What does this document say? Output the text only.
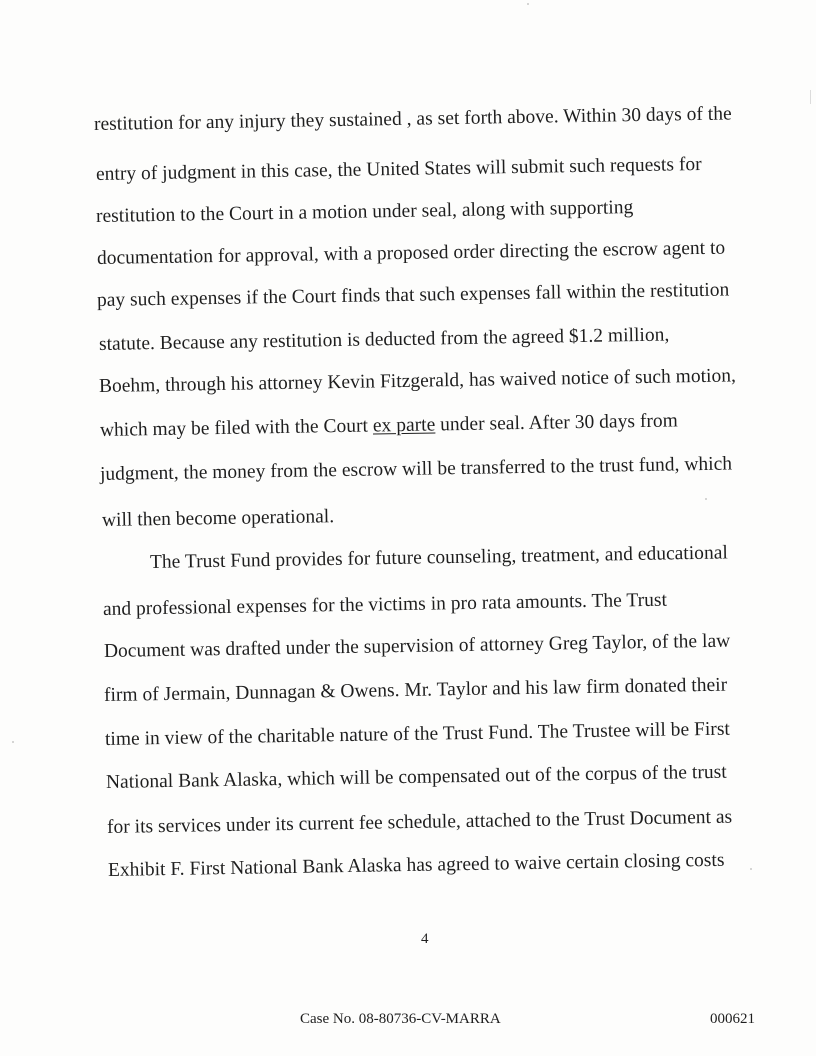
restitution for any injury they sustained , as set forth above. Within 30 days of the
entry of judgment in this case, the United States will submit such requests for
restitution to the Court in a motion under seal, along with supporting
documentation for approval, with a proposed order directing the escrow agent to
pay such expenses if the Court finds that such expenses fall within the restitution
statute. Because any restitution is deducted from the agreed $1.2 million,
Boehm, through his attorney Kevin Fitzgerald, has waived notice of such motion,
which may be filed with the Court ex parte under seal. After 30 days from
judgment, the money from the escrow will be transferred to the trust fund, which
will then become operational.
The Trust Fund provides for future counseling, treatment, and educational
and professional expenses for the victims in pro rata amounts. The Trust
Document was drafted under the supervision of attorney Greg Taylor, of the law
firm of Jermain, Dunnagan & Owens. Mr. Taylor and his law firm donated their
time in view of the charitable nature of the Trust Fund. The Trustee will be First
National Bank Alaska, which will be compensated out of the corpus of the trust
for its services under its current fee schedule, attached to the Trust Document as
Exhibit F. First National Bank Alaska has agreed to waive certain closing costs
4
Case No. 08-80736-CV-MARRA	000621
